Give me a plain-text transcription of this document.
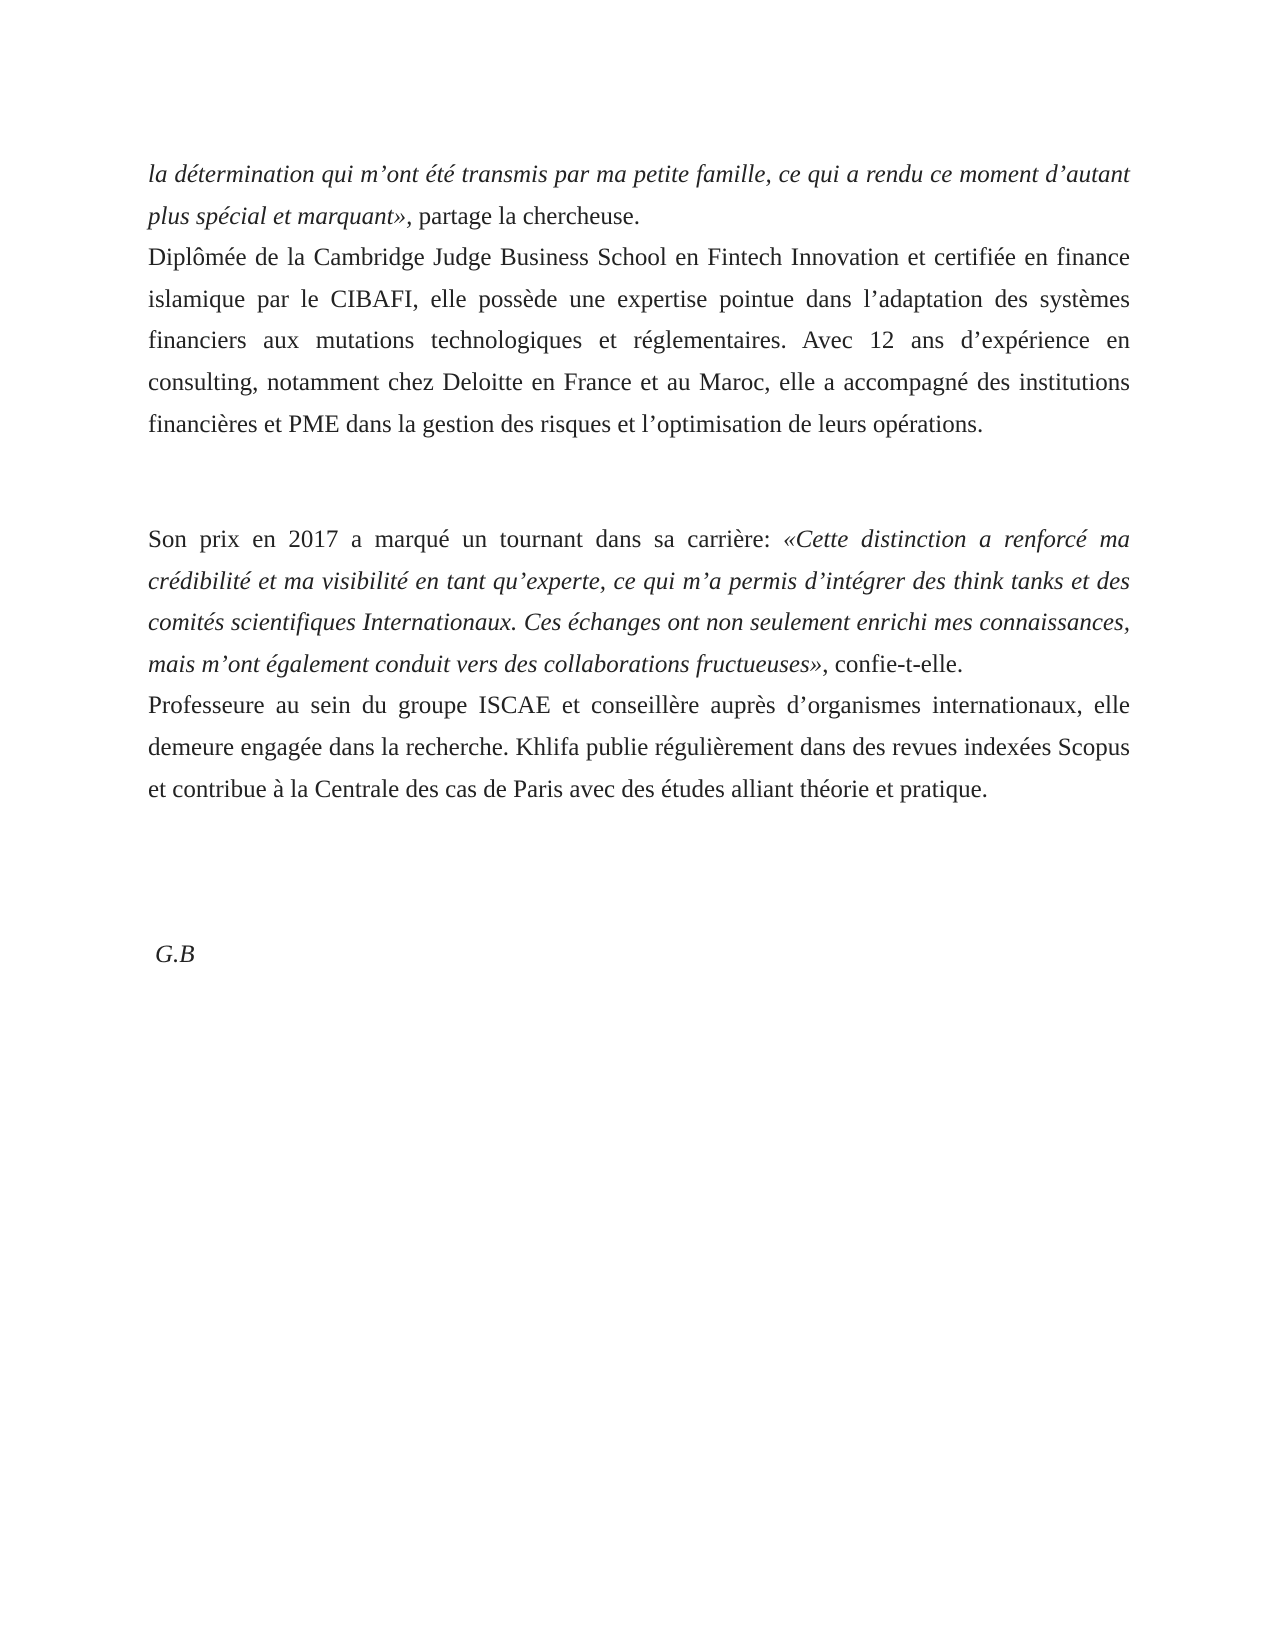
la détermination qui m’ont été transmis par ma petite famille, ce qui a rendu ce moment d’autant plus spécial et marquant», partage la chercheuse.

Diplômée de la Cambridge Judge Business School en Fintech Innovation et certifiée en finance islamique par le CIBAFI, elle possède une expertise pointue dans l’adaptation des systèmes financiers aux mutations technologiques et réglementaires. Avec 12 ans d’expérience en consulting, notamment chez Deloitte en France et au Maroc, elle a accompagné des institutions financières et PME dans la gestion des risques et l’optimisation de leurs opérations.

Son prix en 2017 a marqué un tournant dans sa carrière: «Cette distinction a renforcé ma crédibilité et ma visibilité en tant qu’experte, ce qui m’a permis d’intégrer des think tanks et des comités scientifiques Internationaux. Ces échanges ont non seulement enrichi mes connaissances, mais m’ont également conduit vers des collaborations fructueuses», confie-t-elle.

Professeure au sein du groupe ISCAE et conseillère auprès d’organismes internationaux, elle demeure engagée dans la recherche. Khlifa publie régulièrement dans des revues indexées Scopus et contribue à la Centrale des cas de Paris avec des études alliant théorie et pratique.

G.B
